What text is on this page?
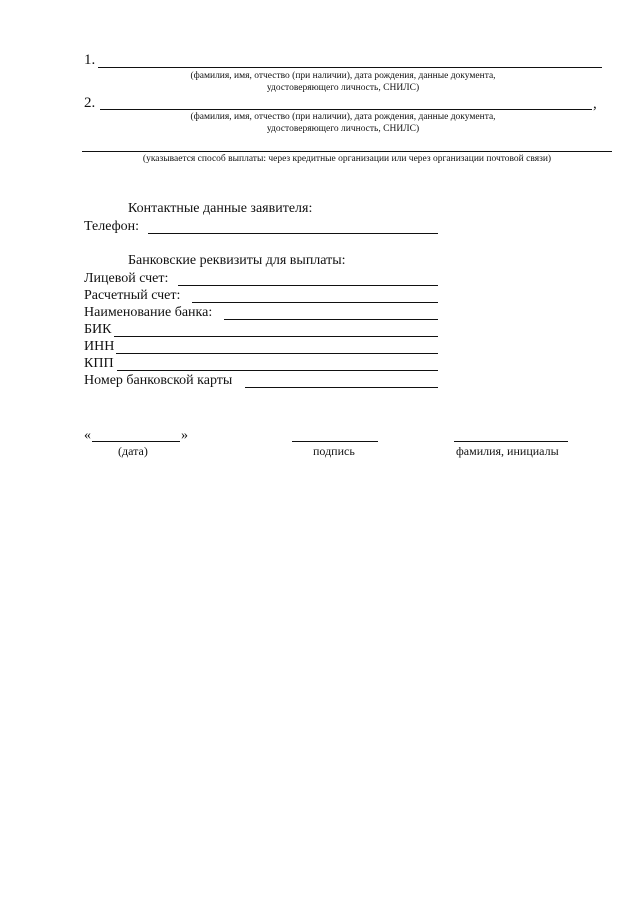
1.
(фамилия, имя, отчество (при наличии), дата рождения, данные документа,
удостоверяющего личность, СНИЛС)
2.	,
(фамилия, имя, отчество (при наличии), дата рождения, данные документа,
удостоверяющего личность, СНИЛС)
(указывается способ выплаты: через кредитные организации или через организации почтовой связи)
Контактные данные заявителя:
Телефон:
Банковские реквизиты для выплаты:
Лицевой счет:
Расчетный счет:
Наименование банка:
БИК
ИНН
КПП
Номер банковской карты
«	»
(дата)	подпись	фамилия, инициалы
